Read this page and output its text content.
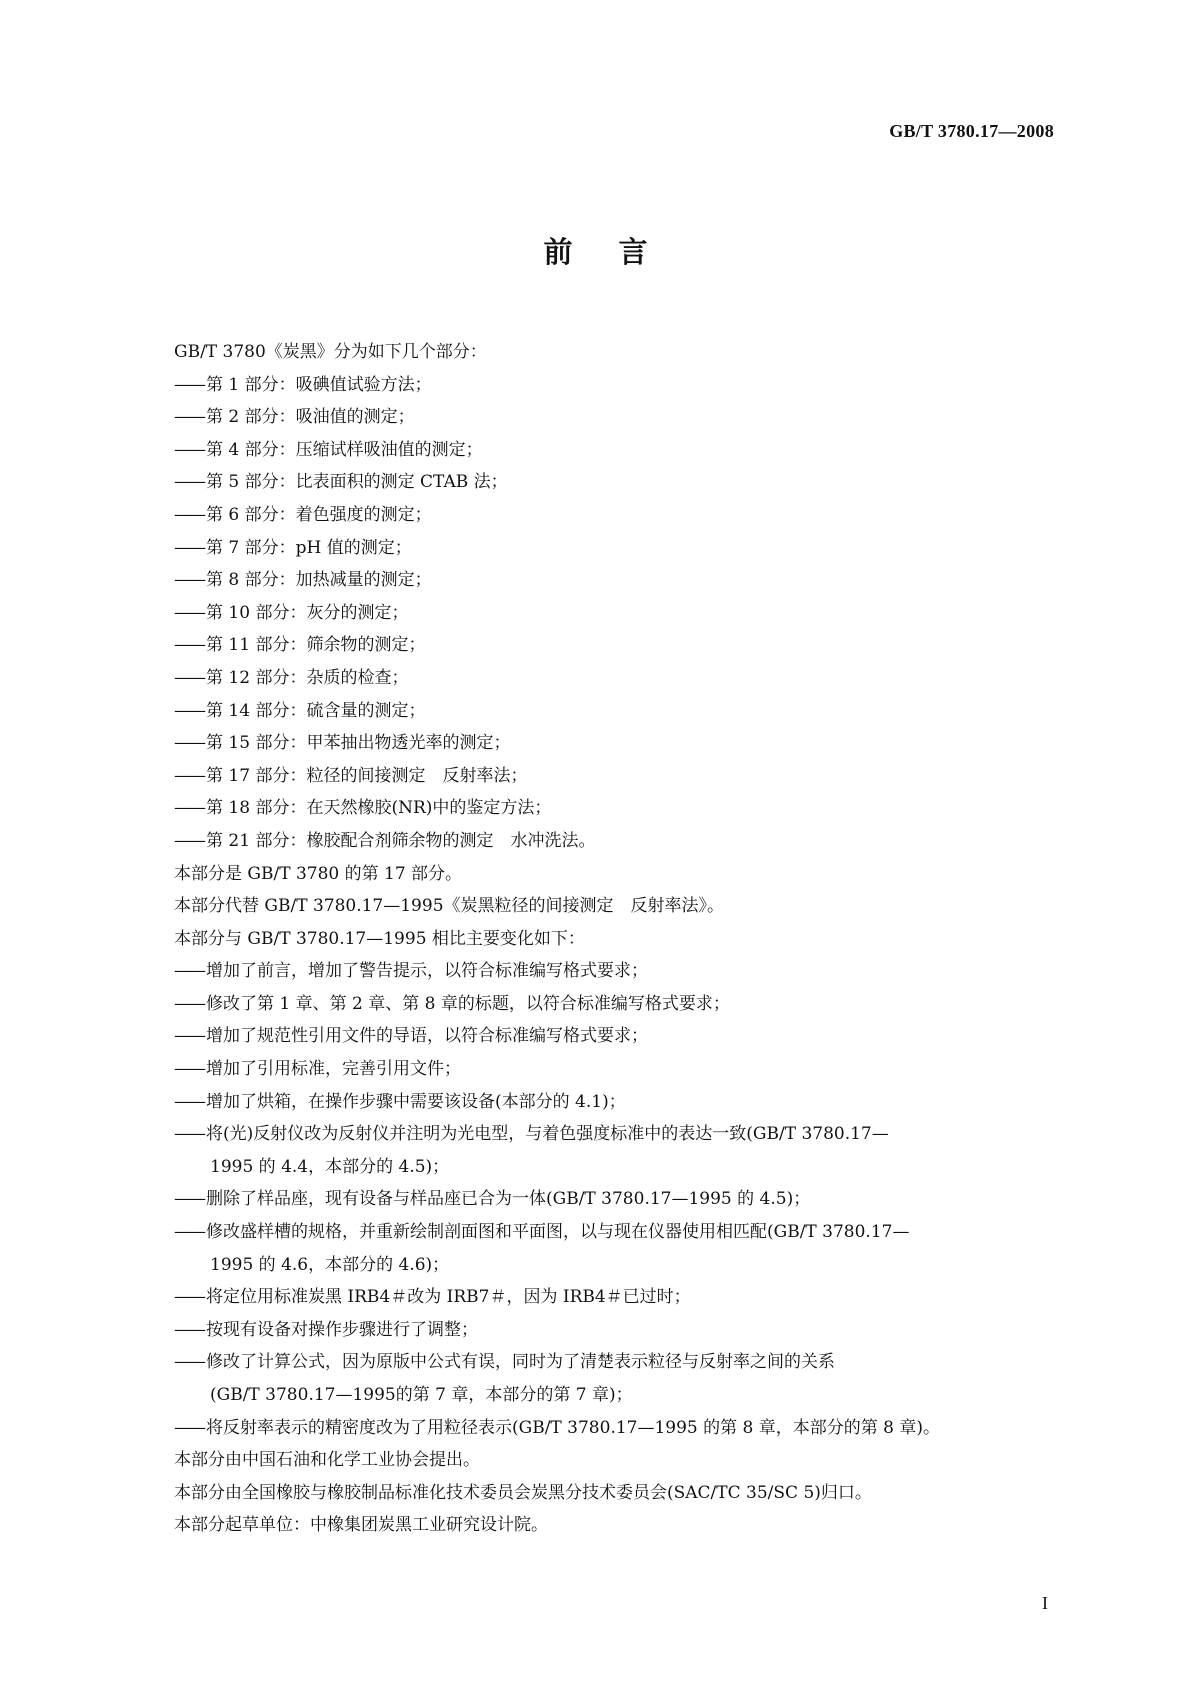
GB/T 3780.17—2008
前言
GB/T 3780《炭黑》分为如下几个部分：
—— 第 1 部分：吸碘值试验方法；
—— 第 2 部分：吸油值的测定；
—— 第 4 部分：压缩试样吸油值的测定；
—— 第 5 部分：比表面积的测定 CTAB 法；
—— 第 6 部分：着色强度的测定；
—— 第 7 部分：pH 值的测定；
—— 第 8 部分：加热减量的测定；
—— 第 10 部分：灰分的测定；
—— 第 11 部分：筛余物的测定；
—— 第 12 部分：杂质的检查；
—— 第 14 部分：硫含量的测定；
—— 第 15 部分：甲苯抽出物透光率的测定；
—— 第 17 部分：粒径的间接测定　反射率法；
—— 第 18 部分：在天然橡胶(NR)中的鉴定方法；
—— 第 21 部分：橡胶配合剂筛余物的测定　水冲洗法。
本部分是 GB/T 3780 的第 17 部分。
本部分代替 GB/T 3780.17—1995《炭黑粒径的间接测定　反射率法》。
本部分与 GB/T 3780.17—1995 相比主要变化如下：
—— 增加了前言，增加了警告提示，以符合标准编写格式要求；
—— 修改了第 1 章、第 2 章、第 8 章的标题，以符合标准编写格式要求；
—— 增加了规范性引用文件的导语，以符合标准编写格式要求；
—— 增加了引用标准，完善引用文件；
—— 增加了烘箱，在操作步骤中需要该设备(本部分的 4.1)；
—— 将(光)反射仪改为反射仪并注明为光电型，与着色强度标准中的表达一致(GB/T 3780.17—
1995 的 4.4，本部分的 4.5)；
—— 删除了样品座，现有设备与样品座已合为一体(GB/T 3780.17—1995 的 4.5)；
—— 修改盛样槽的规格，并重新绘制剖面图和平面图，以与现在仪器使用相匹配(GB/T 3780.17—
1995 的 4.6，本部分的 4.6)；
—— 将定位用标准炭黑 IRB4＃改为 IRB7＃，因为 IRB4＃已过时；
—— 按现有设备对操作步骤进行了调整；
—— 修改了计算公式，因为原版中公式有误，同时为了清楚表示粒径与反射率之间的关系
(GB/T 3780.17—1995的第 7 章，本部分的第 7 章)；
—— 将反射率表示的精密度改为了用粒径表示(GB/T 3780.17—1995 的第 8 章，本部分的第 8 章)。
本部分由中国石油和化学工业协会提出。
本部分由全国橡胶与橡胶制品标准化技术委员会炭黑分技术委员会(SAC/TC 35/SC 5)归口。
本部分起草单位：中橡集团炭黑工业研究设计院。
I
